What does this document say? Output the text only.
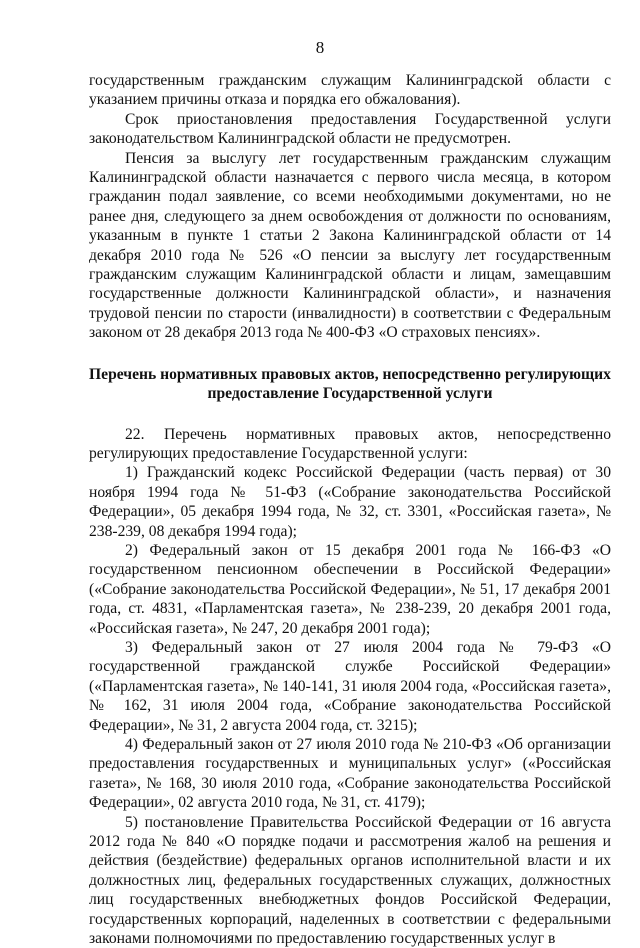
8

государственным гражданским служащим Калининградской области с указанием причины отказа и порядка его обжалования).

Срок приостановления предоставления Государственной услуги законодательством Калининградской области не предусмотрен.

Пенсия за выслугу лет государственным гражданским служащим Калининградской области назначается с первого числа месяца, в котором гражданин подал заявление, со всеми необходимыми документами, но не ранее дня, следующего за днем освобождения от должности по основаниям, указанным в пункте 1 статьи 2 Закона Калининградской области от 14 декабря 2010 года № 526 «О пенсии за выслугу лет государственным гражданским служащим Калининградской области и лицам, замещавшим государственные должности Калининградской области», и назначения трудовой пенсии по старости (инвалидности) в соответствии с Федеральным законом от 28 декабря 2013 года № 400-ФЗ «О страховых пенсиях».

Перечень нормативных правовых актов, непосредственно регулирующих предоставление Государственной услуги

22. Перечень нормативных правовых актов, непосредственно регулирующих предоставление Государственной услуги:

1) Гражданский кодекс Российской Федерации (часть первая) от 30 ноября 1994 года № 51-ФЗ («Собрание законодательства Российской Федерации», 05 декабря 1994 года, № 32, ст. 3301, «Российская газета», № 238-239, 08 декабря 1994 года);

2) Федеральный закон от 15 декабря 2001 года № 166-ФЗ «О государственном пенсионном обеспечении в Российской Федерации» («Собрание законодательства Российской Федерации», № 51, 17 декабря 2001 года, ст. 4831, «Парламентская газета», № 238-239, 20 декабря 2001 года, «Российская газета», № 247, 20 декабря 2001 года);

3) Федеральный закон от 27 июля 2004 года № 79-ФЗ «О государственной гражданской службе Российской Федерации» («Парламентская газета», № 140-141, 31 июля 2004 года, «Российская газета», № 162, 31 июля 2004 года, «Собрание законодательства Российской Федерации», № 31, 2 августа 2004 года, ст. 3215);

4) Федеральный закон от 27 июля 2010 года № 210-ФЗ «Об организации предоставления государственных и муниципальных услуг» («Российская газета», № 168, 30 июля 2010 года, «Собрание законодательства Российской Федерации», 02 августа 2010 года, № 31, ст. 4179);

5) постановление Правительства Российской Федерации от 16 августа 2012 года № 840 «О порядке подачи и рассмотрения жалоб на решения и действия (бездействие) федеральных органов исполнительной власти и их должностных лиц, федеральных государственных служащих, должностных лиц государственных внебюджетных фондов Российской Федерации, государственных корпораций, наделенных в соответствии с федеральными законами полномочиями по предоставлению государственных услуг в
